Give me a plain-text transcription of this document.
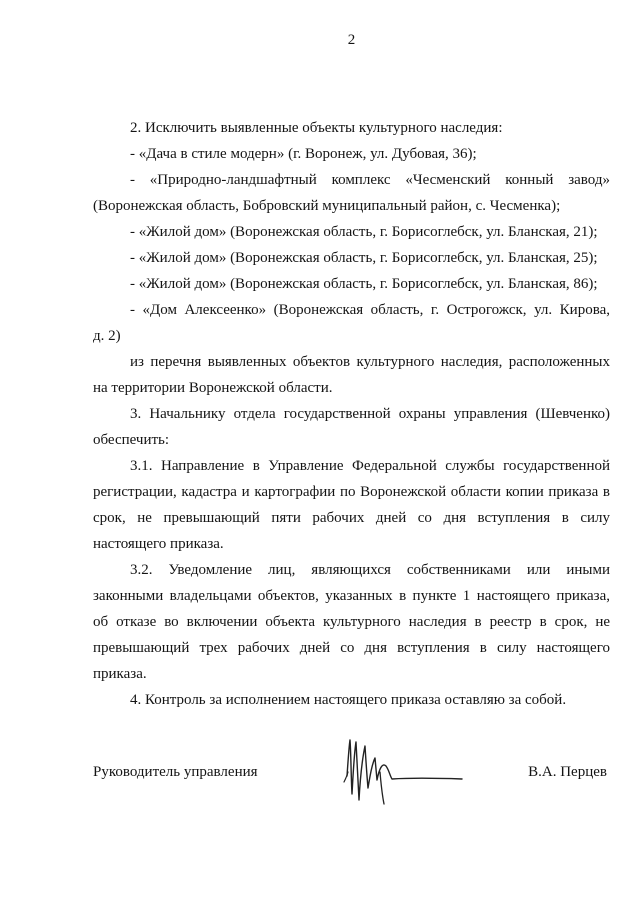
2
2. Исключить выявленные объекты культурного наследия:
- «Дача в стиле модерн» (г. Воронеж, ул. Дубовая, 36);
- «Природно-ландшафтный комплекс «Чесменский конный завод»
(Воронежская область, Бобровский муниципальный район, с. Чесменка);
- «Жилой дом» (Воронежская область, г. Борисоглебск, ул. Бланская, 21);
- «Жилой дом» (Воронежская область, г. Борисоглебск, ул. Бланская, 25);
- «Жилой дом» (Воронежская область, г. Борисоглебск, ул. Бланская, 86);
- «Дом Алексеенко» (Воронежская область, г. Острогожск, ул. Кирова,
д. 2)
из перечня выявленных объектов культурного наследия, расположенных
на территории Воронежской области.
3. Начальнику отдела государственной охраны управления (Шевченко)
обеспечить:
3.1. Направление в Управление Федеральной службы государственной
регистрации, кадастра и картографии по Воронежской области копии приказа в
срок, не превышающий пяти рабочих дней со дня вступления в силу
настоящего приказа.
3.2. Уведомление лиц, являющихся собственниками или иными
законными владельцами объектов, указанных в пункте 1 настоящего приказа,
об отказе во включении объекта культурного наследия в реестр в срок, не
превышающий трех рабочих дней со дня вступления в силу настоящего
приказа.
4. Контроль за исполнением настоящего приказа оставляю за собой.
Руководитель управления	В.А. Перцев
